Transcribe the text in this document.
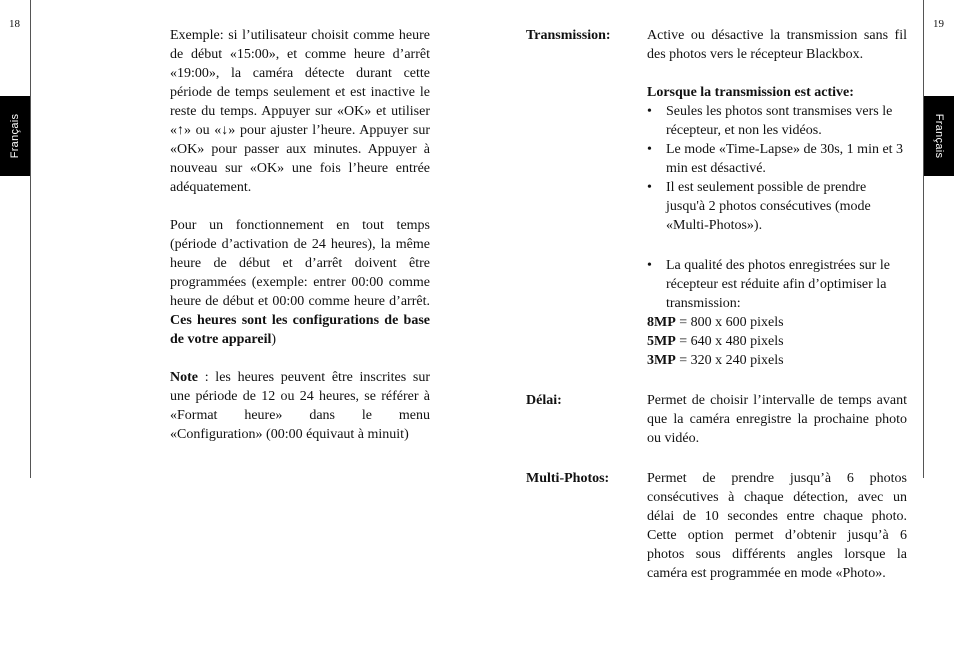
18
Français
19
Français

Exemple: si l’utilisateur choisit comme heure de début «15:00», et comme heure d’arrêt «19:00», la caméra détecte durant cette période de temps seulement et est inactive le reste du temps. Appuyer sur «OK» et utiliser «↑» ou «↓» pour ajuster l’heure. Appuyer sur «OK» pour passer aux minutes. Appuyer à nouveau sur «OK» une fois l’heure entrée adéquatement.

Pour un fonctionnement en tout temps (période d’activation de 24 heures), la même heure de début et d’arrêt doivent être programmées (exemple: entrer 00:00 comme heure de début et 00:00 comme heure d’arrêt. Ces heures sont les configurations de base de votre appareil)

Note : les heures peuvent être inscrites sur une période de 12 ou 24 heures, se référer à «Format heure» dans le menu «Configuration» (00:00 équivaut à minuit)

Transmission:	Active ou désactive la transmission sans fil des photos vers le récepteur Blackbox.

Lorsque la transmission est active:

• Seules les photos sont transmises vers le récepteur, et non les vidéos.
• Le mode «Time-Lapse» de 30s, 1 min et 3 min est désactivé.
• Il est seulement possible de prendre jusqu'à 2 photos consécutives (mode «Multi-Photos»).
• La qualité des photos enregistrées sur le récepteur est réduite afin d’optimiser la transmission:
8MP = 800 x 600 pixels
5MP = 640 x 480 pixels
3MP = 320 x 240 pixels
Délai:	Permet de choisir l’intervalle de temps avant que la caméra enregistre la prochaine photo ou vidéo.

Multi-Photos:	Permet de prendre jusqu’à 6 photos consécutives à chaque détection, avec un délai de 10 secondes entre chaque photo. Cette option permet d’obtenir jusqu’à 6 photos sous différents angles lorsque la caméra est programmée en mode «Photo».
